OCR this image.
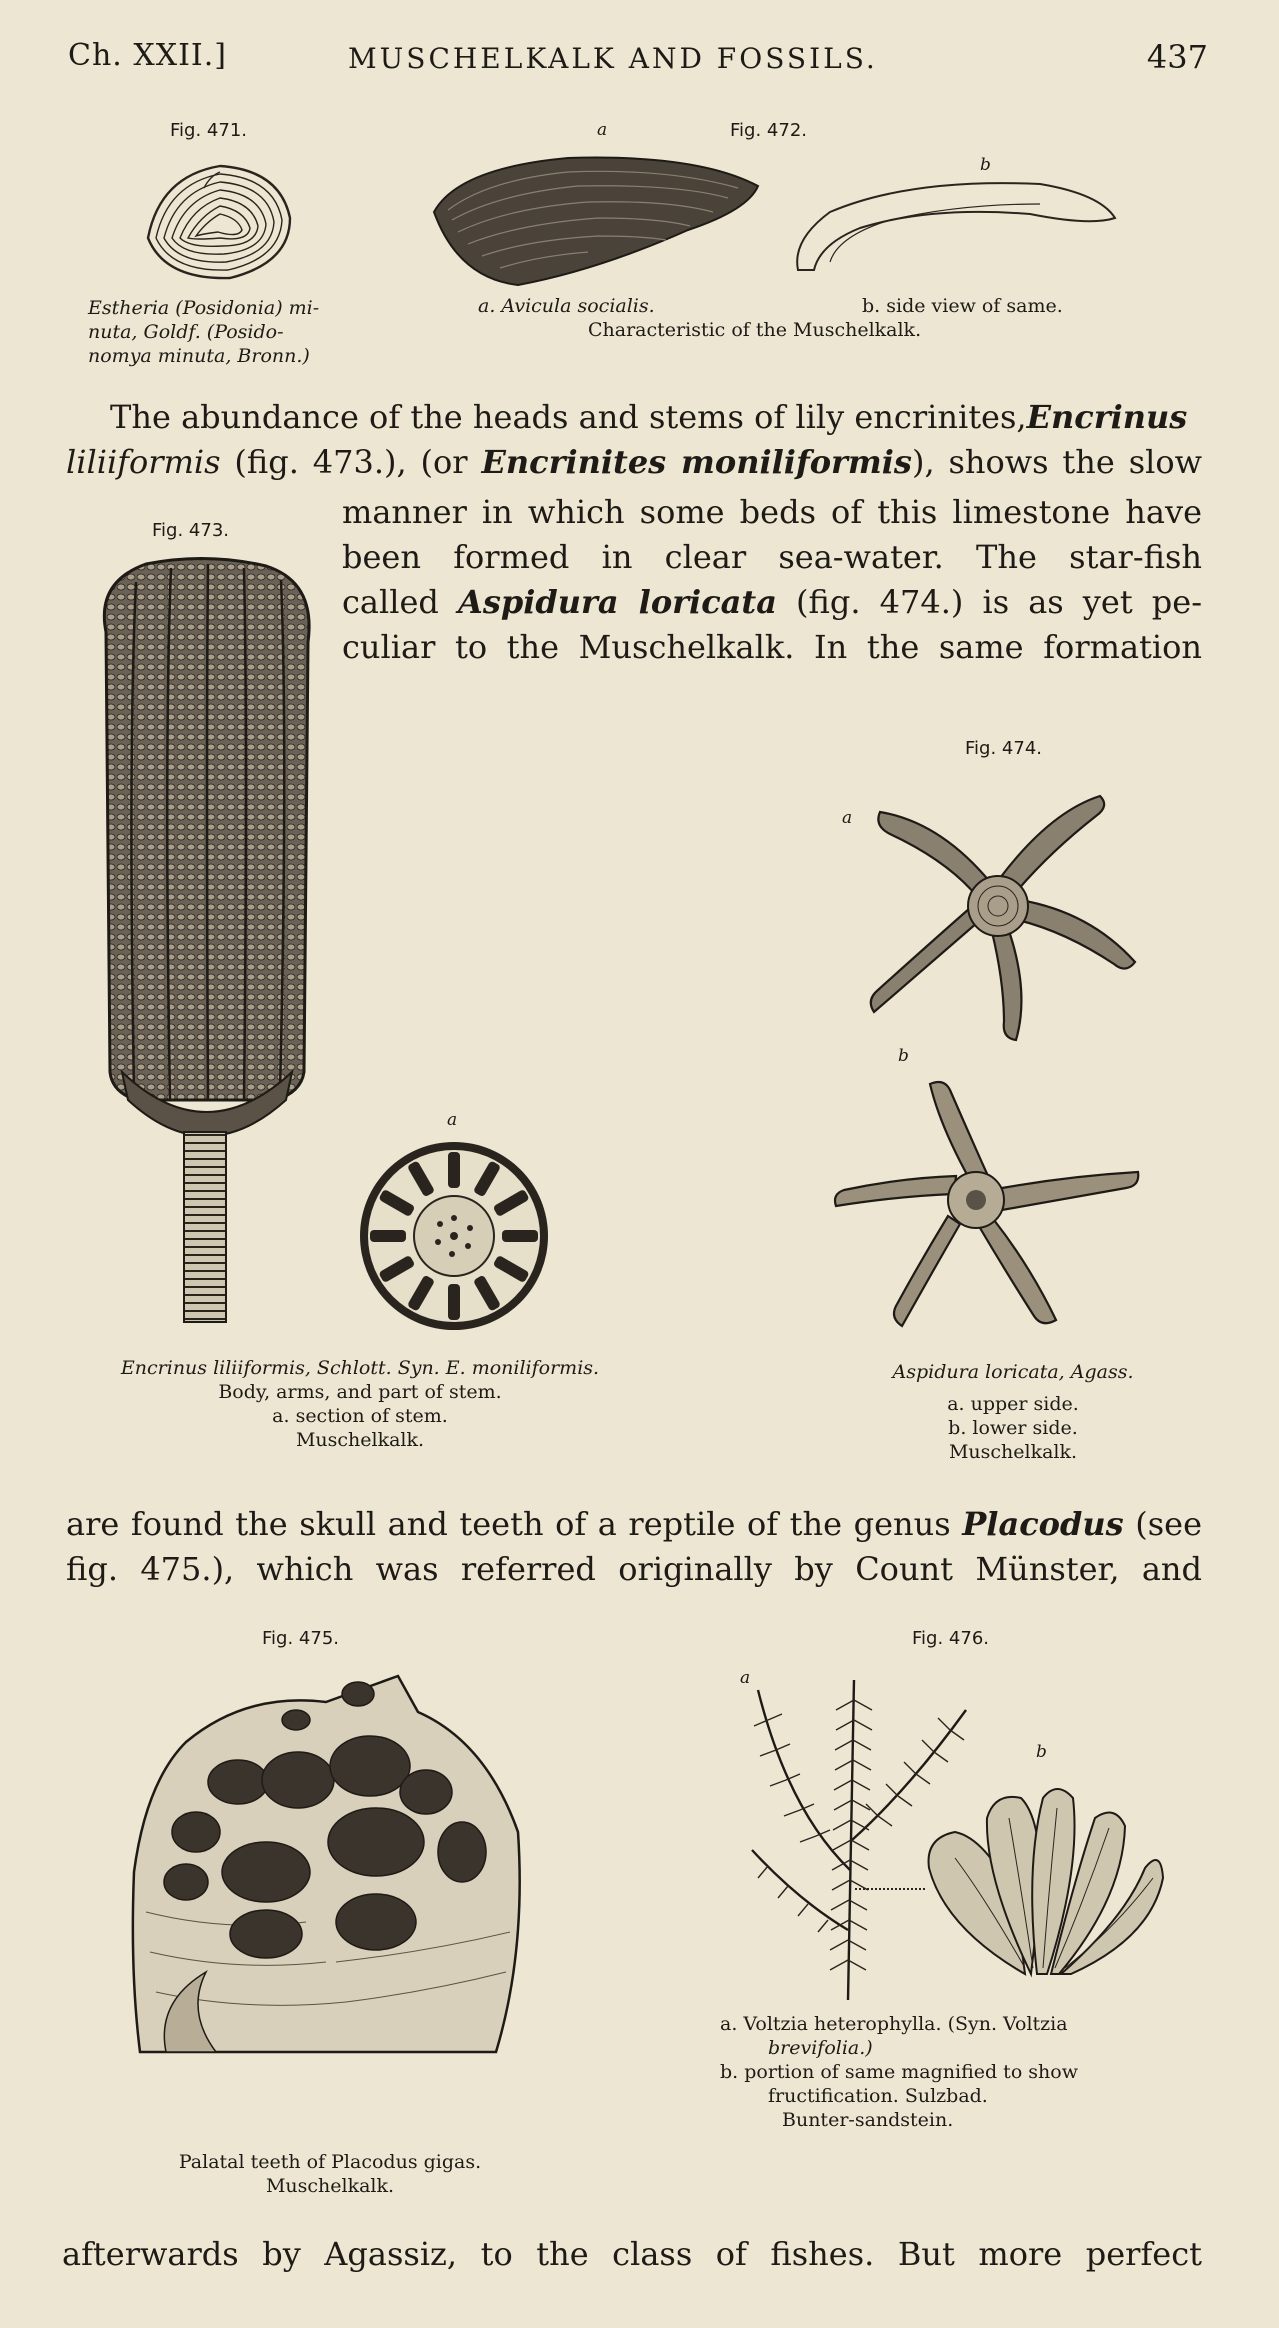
Ch. XXII.]	MUSCHELKALK AND FOSSILS.	437
Fig. 471.
Estheria (Posidonia) mi-
nuta, Goldf. (Posido-
nomya minuta, Bronn.)
a	Fig. 472.
b
a. Avicula socialis.	b. side view of same.
Characteristic of the Muschelkalk.
The abundance of the heads and stems of lily encrinites,Encrinus
liliiformis (fig. 473.), (or Encrinites moniliformis), shows the slow
manner in which some beds of this limestone have
been formed in clear sea-water. The star-fish
called Aspidura loricata (fig. 474.) is as yet pe-
culiar to the Muschelkalk. In the same formation
Fig. 473.
a
Encrinus liliiformis, Schlott. Syn. E. moniliformis.
Body, arms, and part of stem.
a. section of stem.
Muschelkalk.
Fig. 474.
a
b
Aspidura loricata, Agass.
a. upper side.
b. lower side.
Muschelkalk.
are found the skull and teeth of a reptile of the genus Placodus (see
fig. 475.), which was referred originally by Count Münster, and
Fig. 475.
Palatal teeth of Placodus gigas.
Muschelkalk.
Fig. 476.
a
b
a. Voltzia heterophylla. (Syn. Voltzia
brevifolia.)
b. portion of same magnified to show
fructification. Sulzbad.
Bunter-sandstein.
afterwards by Agassiz, to the class of fishes. But more perfect
